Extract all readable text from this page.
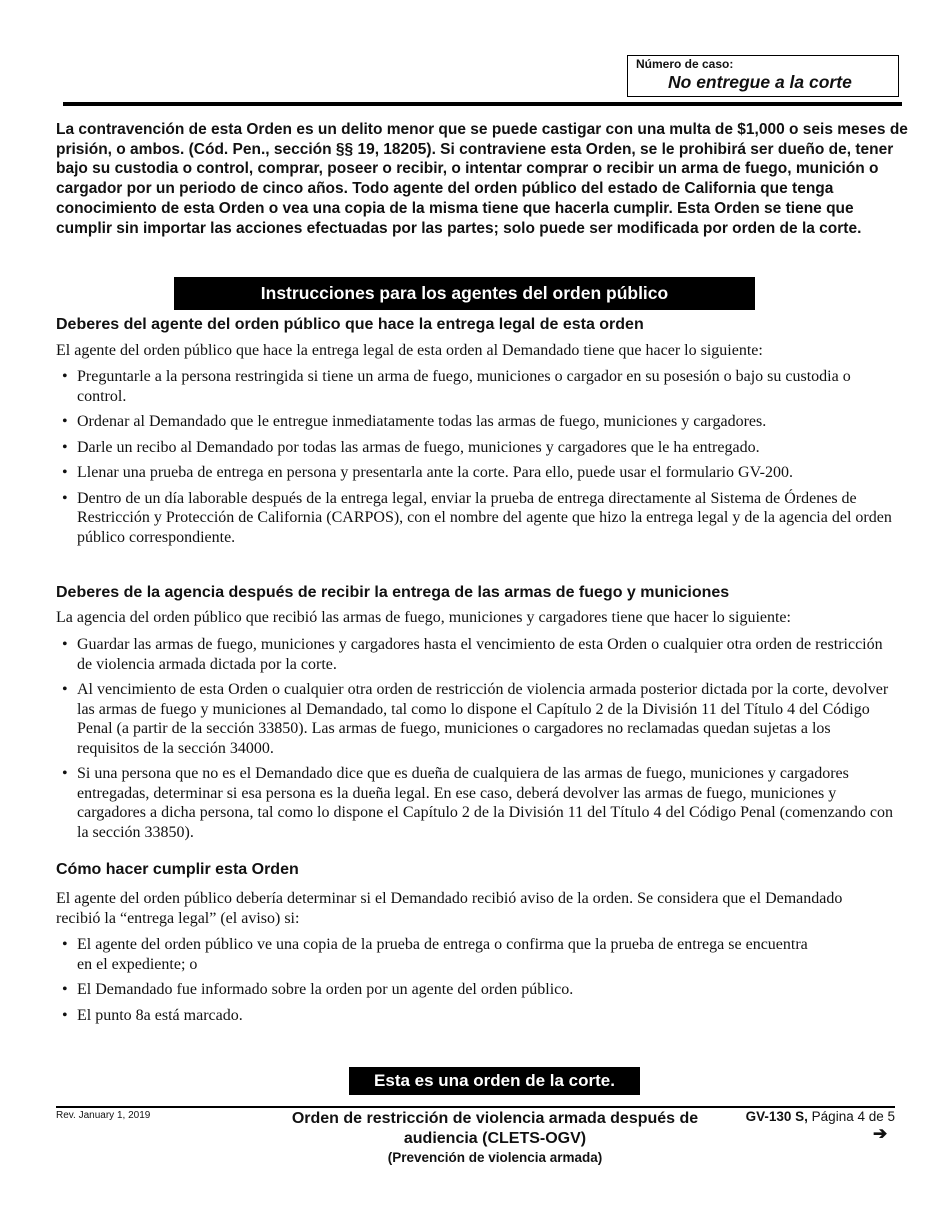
Número de caso:
No entregue a la corte

La contravención de esta Orden es un delito menor que se puede castigar con una multa de $1,000 o seis meses de prisión, o ambos. (Cód. Pen., sección §§ 19, 18205). Si contraviene esta Orden, se le prohibirá ser dueño de, tener bajo su custodia o control, comprar, poseer o recibir, o intentar comprar o recibir un arma de fuego, munición o cargador por un periodo de cinco años. Todo agente del orden público del estado de California que tenga conocimiento de esta Orden o vea una copia de la misma tiene que hacerla cumplir. Esta Orden se tiene que cumplir sin importar las acciones efectuadas por las partes; solo puede ser modificada por orden de la corte.

Instrucciones para los agentes del orden público
Deberes del agente del orden público que hace la entrega legal de esta orden

El agente del orden público que hace la entrega legal de esta orden al Demandado tiene que hacer lo siguiente:

• Preguntarle a la persona restringida si tiene un arma de fuego, municiones o cargador en su posesión o bajo su custodia o control.
• Ordenar al Demandado que le entregue inmediatamente todas las armas de fuego, municiones y cargadores.
• Darle un recibo al Demandado por todas las armas de fuego, municiones y cargadores que le ha entregado.
• Llenar una prueba de entrega en persona y presentarla ante la corte. Para ello, puede usar el formulario GV-200.
• Dentro de un día laborable después de la entrega legal, enviar la prueba de entrega directamente al Sistema de Órdenes de Restricción y Protección de California (CARPOS), con el nombre del agente que hizo la entrega legal y de la agencia del orden público correspondiente.
Deberes de la agencia después de recibir la entrega de las armas de fuego y municiones

La agencia del orden público que recibió las armas de fuego, municiones y cargadores tiene que hacer lo siguiente:

• Guardar las armas de fuego, municiones y cargadores hasta el vencimiento de esta Orden o cualquier otra orden de restricción de violencia armada dictada por la corte.
• Al vencimiento de esta Orden o cualquier otra orden de restricción de violencia armada posterior dictada por la corte, devolver las armas de fuego y municiones al Demandado, tal como lo dispone el Capítulo 2 de la División 11 del Título 4 del Código Penal (a partir de la sección 33850). Las armas de fuego, municiones o cargadores no reclamadas quedan sujetas a los requisitos de la sección 34000.
• Si una persona que no es el Demandado dice que es dueña de cualquiera de las armas de fuego, municiones y cargadores entregadas, determinar si esa persona es la dueña legal. En ese caso, deberá devolver las armas de fuego, municiones y cargadores a dicha persona, tal como lo dispone el Capítulo 2 de la División 11 del Título 4 del Código Penal (comenzando con la sección 33850).
Cómo hacer cumplir esta Orden

El agente del orden público debería determinar si el Demandado recibió aviso de la orden. Se considera que el Demandado recibió la “entrega legal” (el aviso) si:

• El agente del orden público ve una copia de la prueba de entrega o confirma que la prueba de entrega se encuentra en el expediente; o
• El Demandado fue informado sobre la orden por un agente del orden público.
• El punto 8a está marcado.
Esta es una orden de la corte.
Rev. January 1, 2019	Orden de restricción de violencia armada después de audiencia (CLETS-OGV)
(Prevención de violencia armada)
GV-130 S, Página 4 de 5
➔
